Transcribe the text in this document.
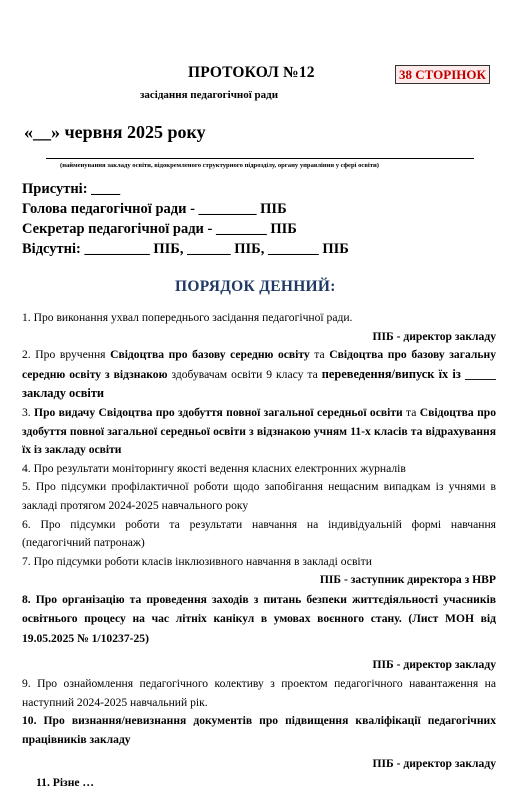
ПРОТОКОЛ №12	38 СТОРІНОК
засідання педагогічної ради
«__» червня 2025 року
(найменування закладу освіти, відокремленого структурного підрозділу, органу управління у сфері освіти)
Присутні: ____
Голова педагогічної ради - ________ ПІБ
Секретар педагогічної ради - _______ ПІБ
Відсутні: _________ ПІБ, ______ ПІБ, _______ ПІБ
ПОРЯДОК ДЕННИЙ:

1. Про виконання ухвал попереднього засідання педагогічної ради.

ПІБ - директор закладу

2. Про вручення Свідоцтва про базову середню освіту та Свідоцтва про базову загальну середню освіту з відзнакою здобувачам освіти 9 класу та переведення/випуск їх із _____ закладу освіти

3. Про видачу Свідоцтва про здобуття повної загальної середньої освіти та Свідоцтва про здобуття повної загальної середньої освіти з відзнакою учням 11-х класів та відрахування їх із закладу освіти

4. Про результати моніторингу якості ведення класних електронних журналів

5. Про підсумки профілактичної роботи щодо запобігання нещасним випадкам із учнями в закладі протягом 2024-2025 навчального року

6. Про підсумки роботи та результати навчання на індивідуальній формі навчання (педагогічний патронаж)

7. Про підсумки роботи класів інклюзивного навчання в закладі освіти

ПІБ - заступник директора з НВР

8. Про організацію та проведення заходів з питань безпеки життєдіяльності учасників освітнього процесу на час літніх канікул в умовах воєнного стану. (Лист МОН від 19.05.2025 № 1/10237-25)

ПІБ - директор закладу

9. Про ознайомлення педагогічного колективу з проектом педагогічного навантаження на наступний 2024-2025 навчальний рік.

10. Про визнання/невизнання документів про підвищення кваліфікації педагогічних працівників закладу

ПІБ - директор закладу

11. Різне …
